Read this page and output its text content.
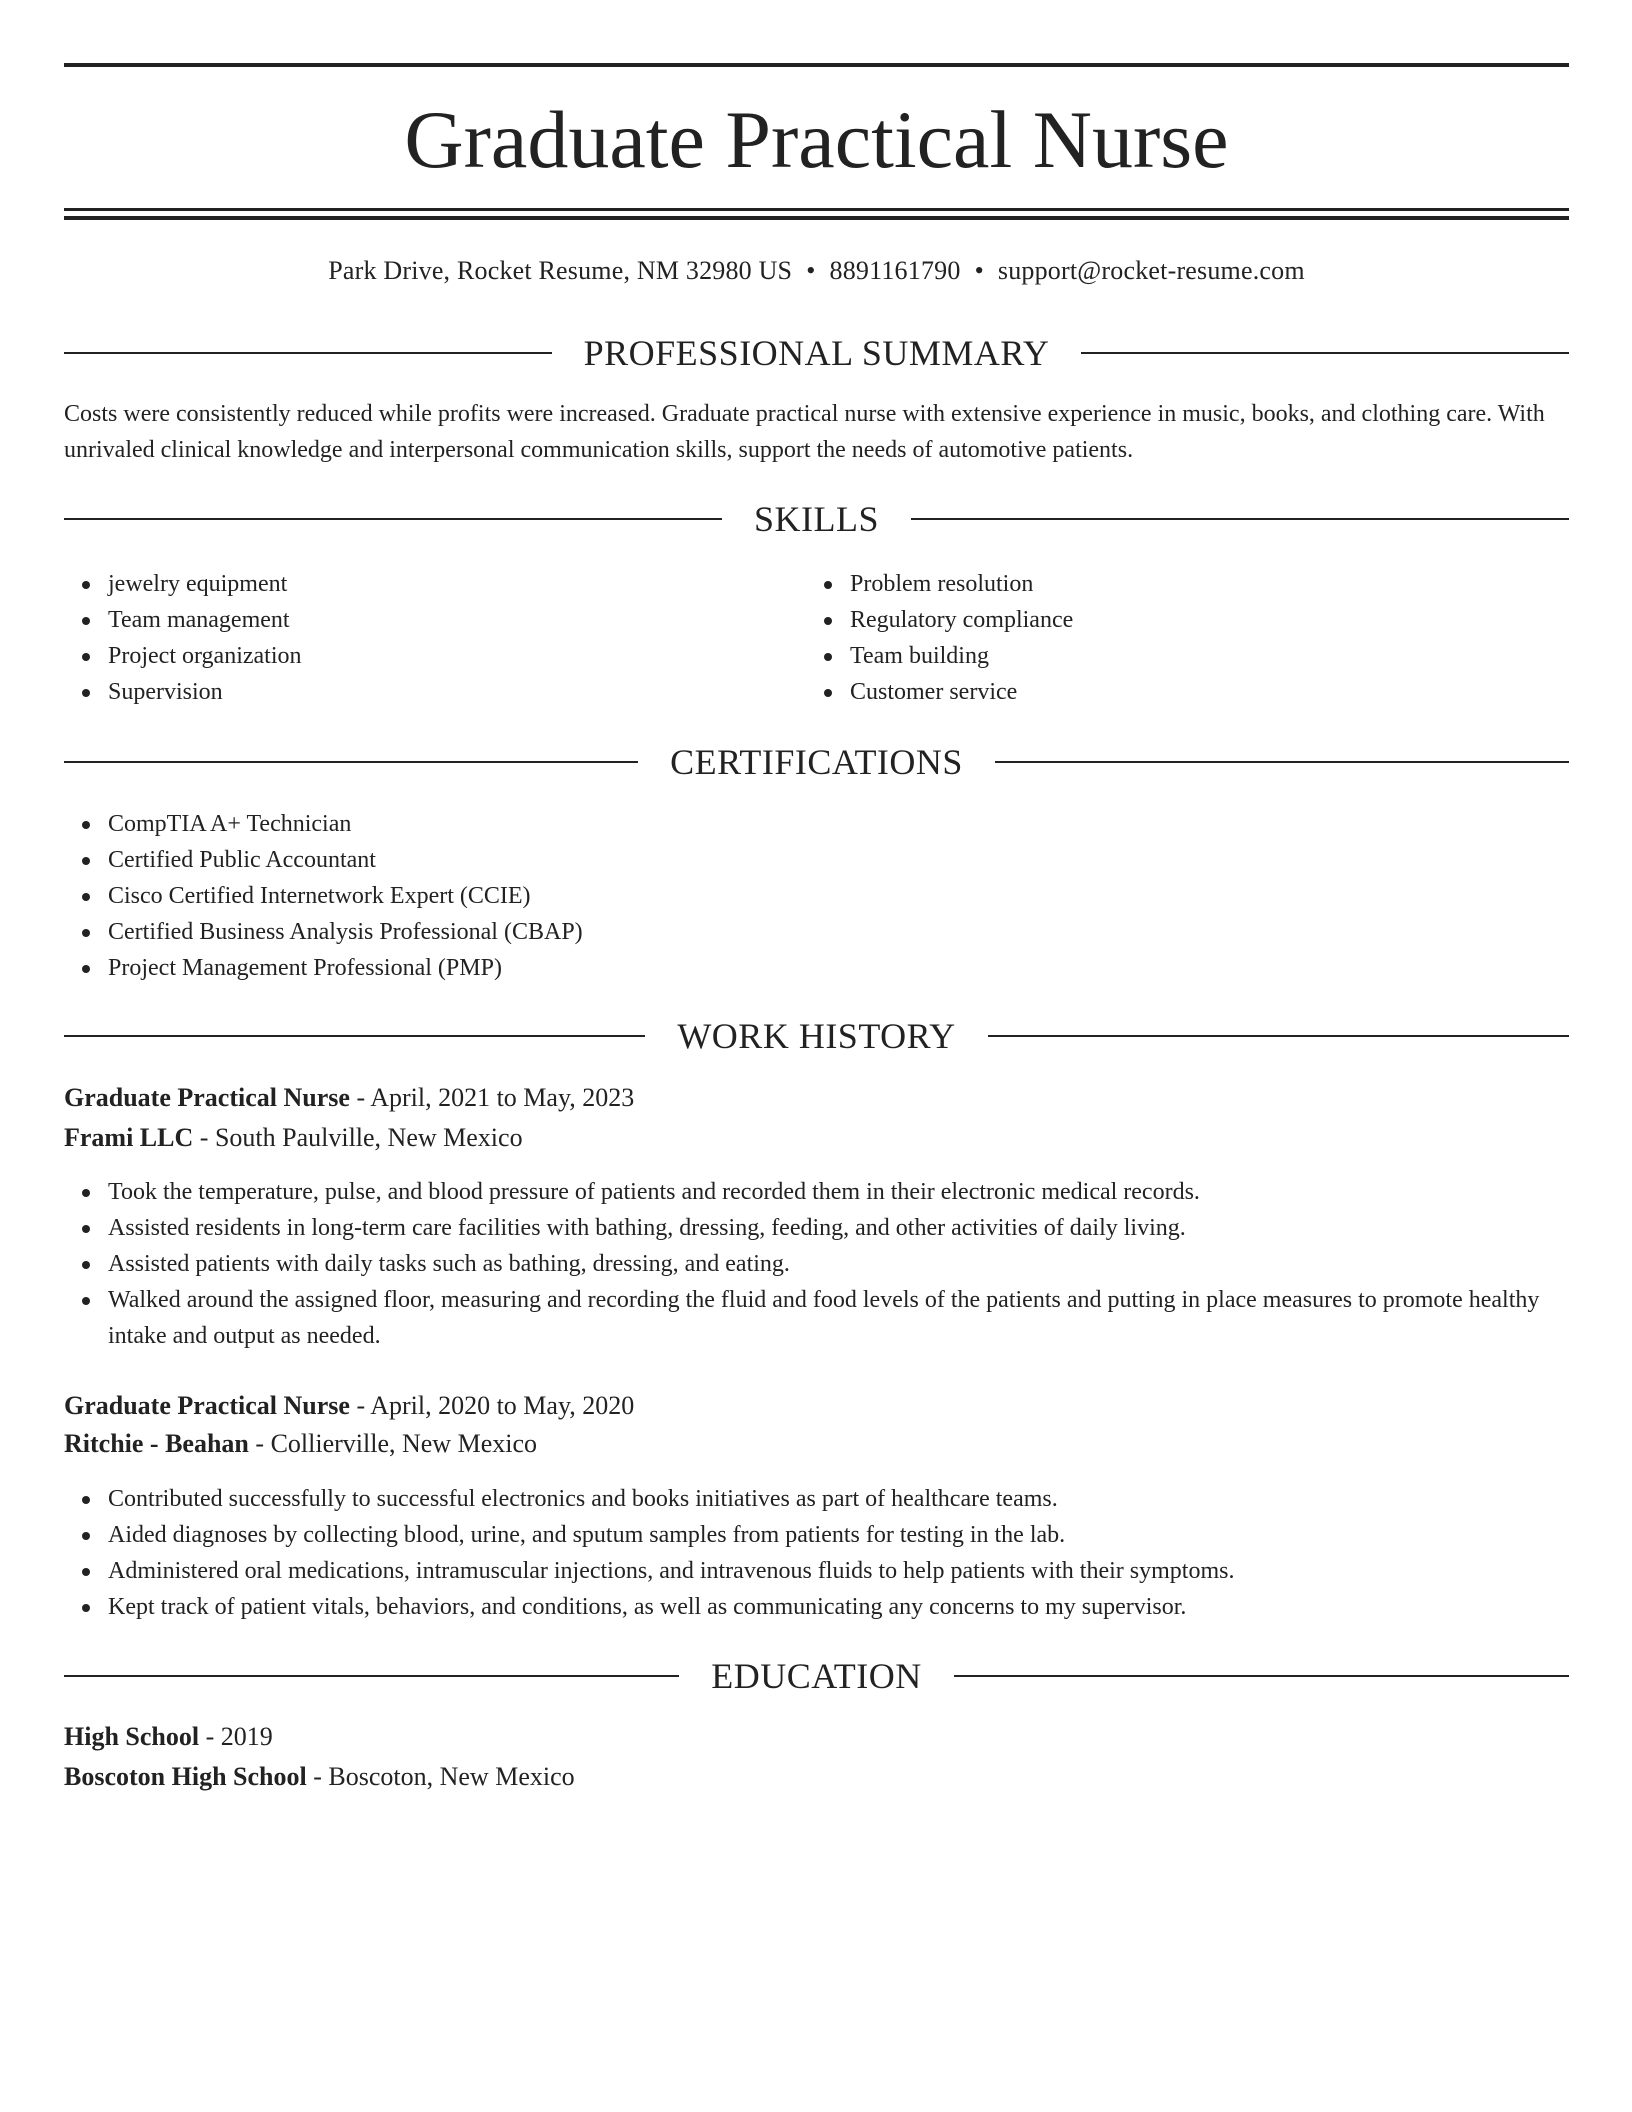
Graduate Practical Nurse
Park Drive, Rocket Resume, NM 32980 US • 8891161790 • support@rocket-resume.com
PROFESSIONAL SUMMARY

Costs were consistently reduced while profits were increased. Graduate practical nurse with extensive experience in music, books, and clothing care. With unrivaled clinical knowledge and interpersonal communication skills, support the needs of automotive patients.

SKILLS
jewelry equipment
Team management
Project organization
Supervision
Problem resolution
Regulatory compliance
Team building
Customer service
CERTIFICATIONS
CompTIA A+ Technician
Certified Public Accountant
Cisco Certified Internetwork Expert (CCIE)
Certified Business Analysis Professional (CBAP)
Project Management Professional (PMP)
WORK HISTORY
Graduate Practical Nurse - April, 2021 to May, 2023
Frami LLC - South Paulville, New Mexico
Took the temperature, pulse, and blood pressure of patients and recorded them in their electronic medical records.
Assisted residents in long-term care facilities with bathing, dressing, feeding, and other activities of daily living.
Assisted patients with daily tasks such as bathing, dressing, and eating.
Walked around the assigned floor, measuring and recording the fluid and food levels of the patients and putting in place measures to promote healthy intake and output as needed.
Graduate Practical Nurse - April, 2020 to May, 2020
Ritchie - Beahan - Collierville, New Mexico
Contributed successfully to successful electronics and books initiatives as part of healthcare teams.
Aided diagnoses by collecting blood, urine, and sputum samples from patients for testing in the lab.
Administered oral medications, intramuscular injections, and intravenous fluids to help patients with their symptoms.
Kept track of patient vitals, behaviors, and conditions, as well as communicating any concerns to my supervisor.
EDUCATION
High School - 2019
Boscoton High School - Boscoton, New Mexico
